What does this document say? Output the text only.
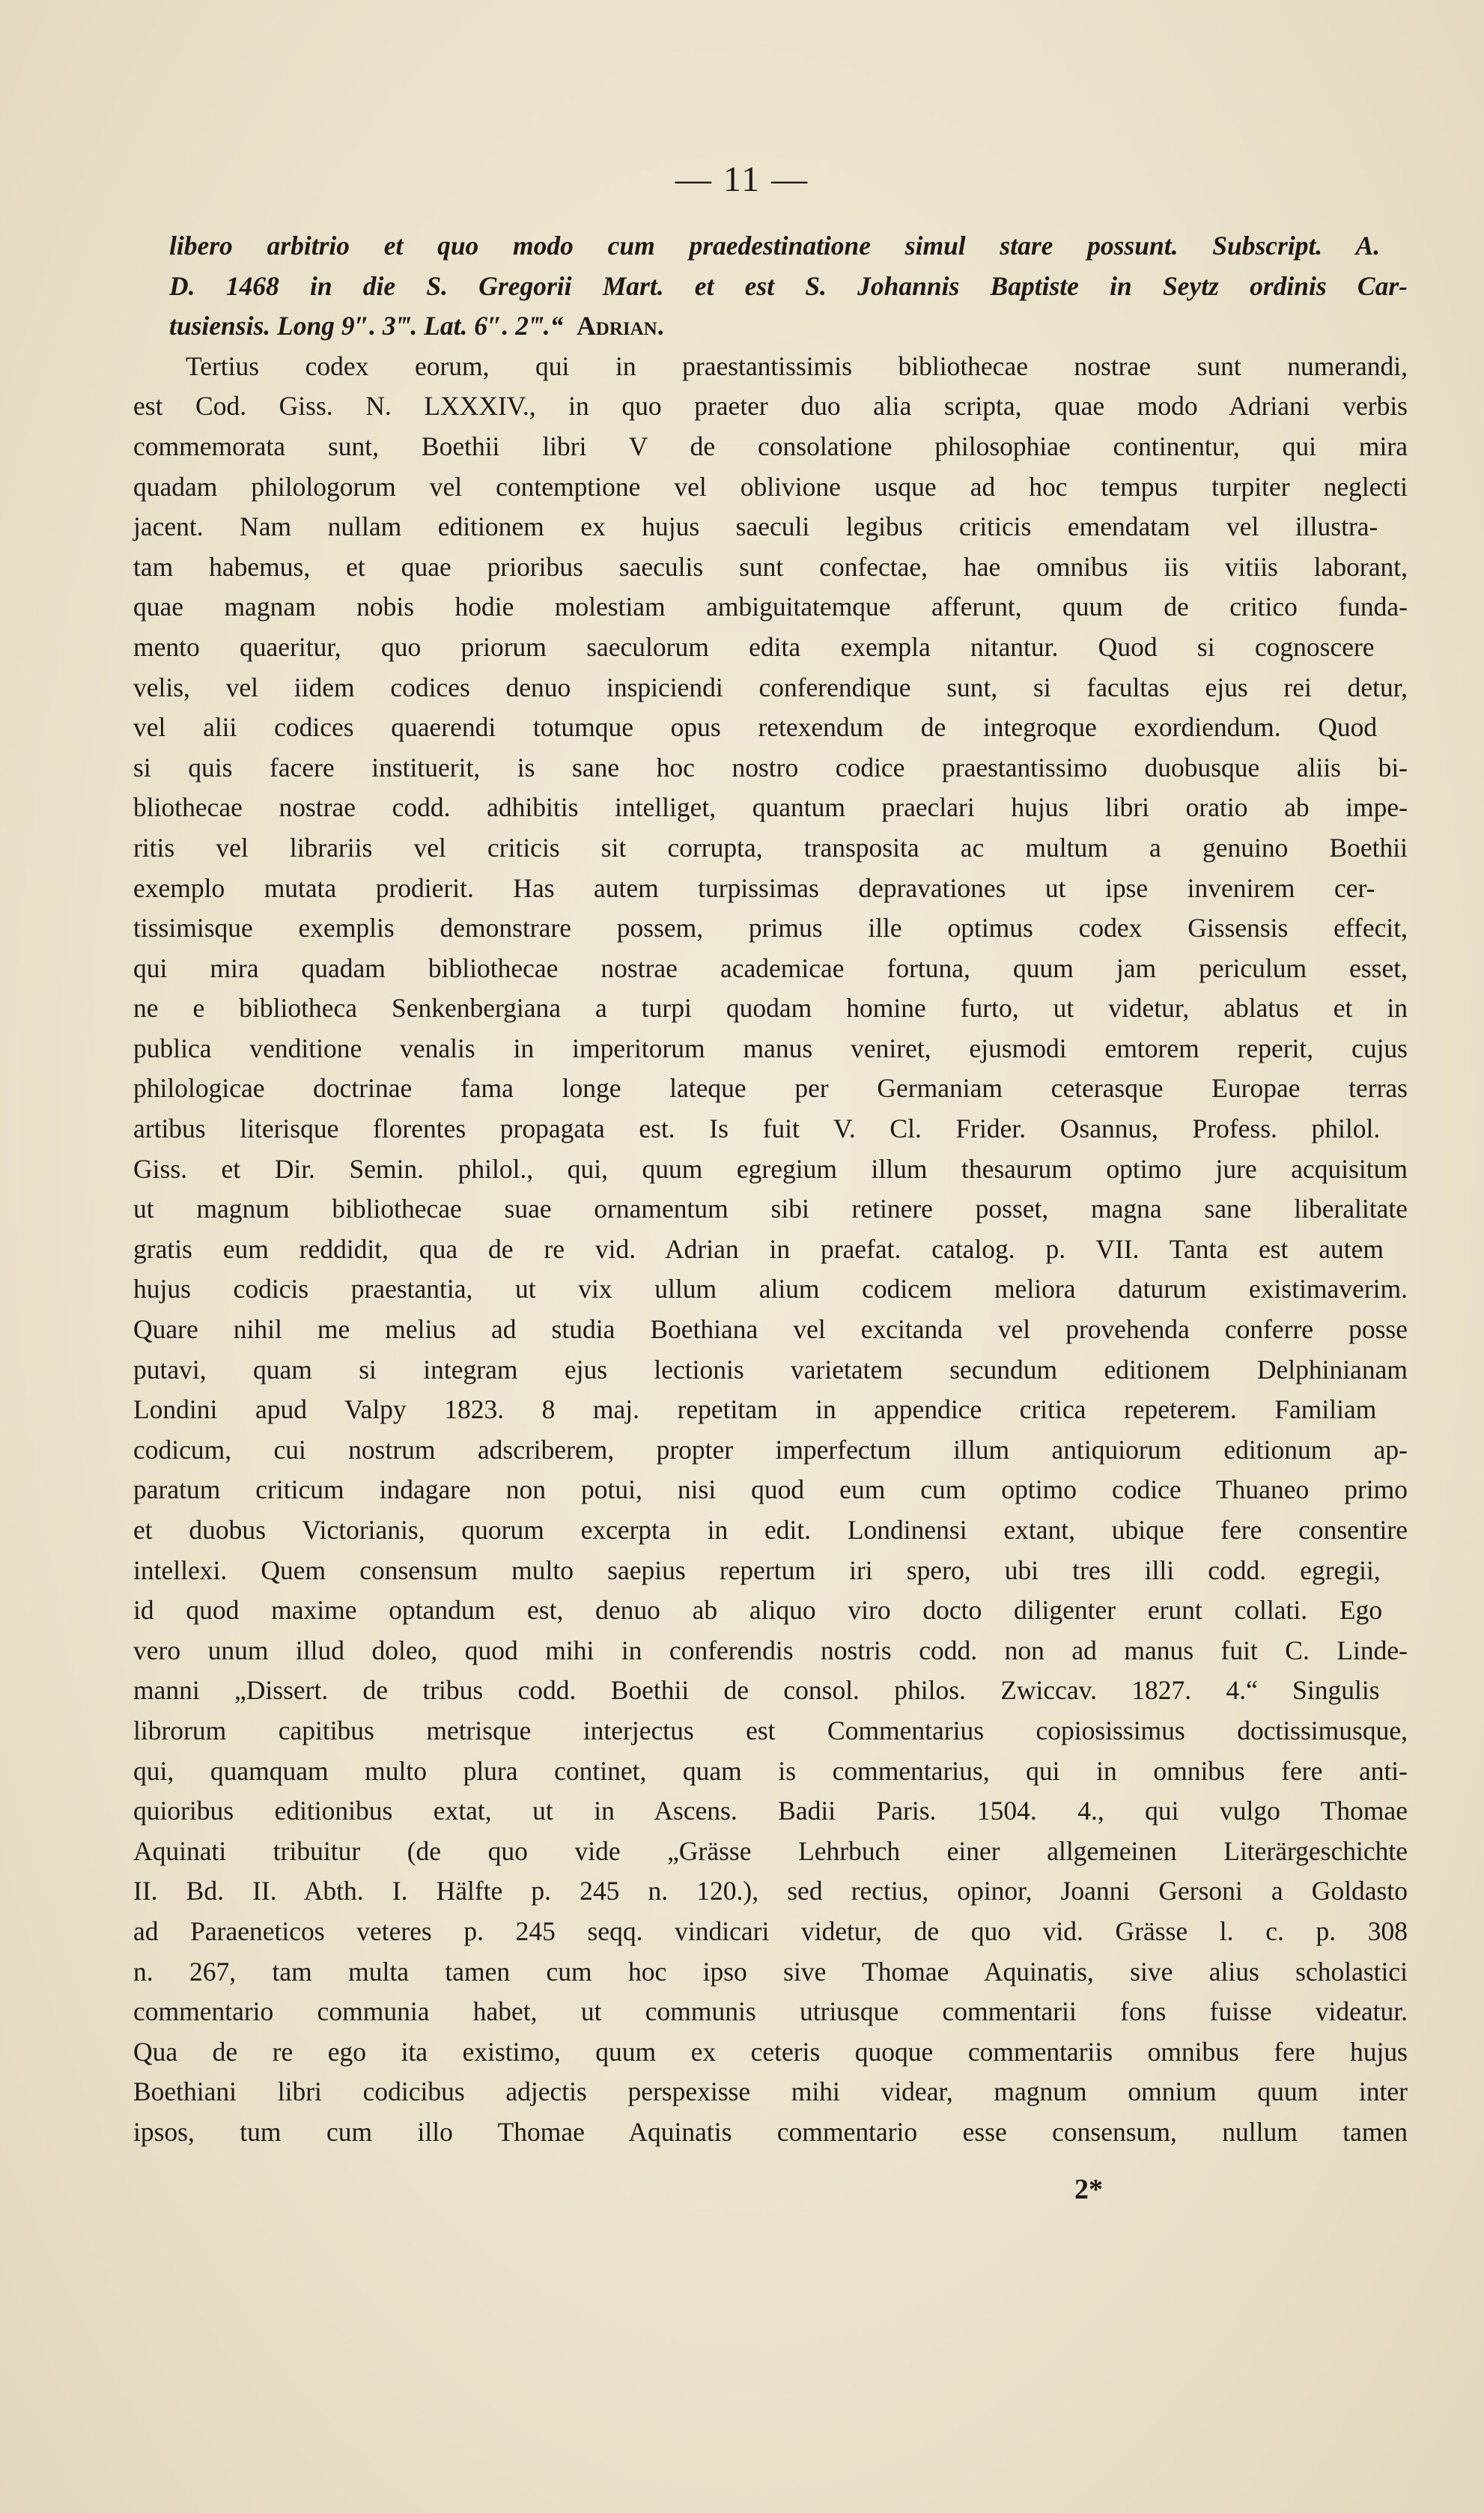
— 11 —
libero arbitrio et quo modo cum praedestinatione simul stare possunt. Subscript. A.
D. 1468 in die S. Gregorii Mart. et est S. Johannis Baptiste in Seytz ordinis Car-
tusiensis. Long 9″. 3‴. Lat. 6″. 2‴.“ Adrian.
Tertius codex eorum, qui in praestantissimis bibliothecae nostrae sunt numerandi,
est Cod. Giss. N. LXXXIV., in quo praeter duo alia scripta, quae modo Adriani verbis
commemorata sunt, Boethii libri V de consolatione philosophiae continentur, qui mira
quadam philologorum vel contemptione vel oblivione usque ad hoc tempus turpiter neglecti
jacent. Nam nullam editionem ex hujus saeculi legibus criticis emendatam vel illustra-
tam habemus, et quae prioribus saeculis sunt confectae, hae omnibus iis vitiis laborant,
quae magnam nobis hodie molestiam ambiguitatemque afferunt, quum de critico funda-
mento quaeritur, quo priorum saeculorum edita exempla nitantur. Quod si cognoscere
velis, vel iidem codices denuo inspiciendi conferendique sunt, si facultas ejus rei detur,
vel alii codices quaerendi totumque opus retexendum de integroque exordiendum. Quod
si quis facere instituerit, is sane hoc nostro codice praestantissimo duobusque aliis bi-
bliothecae nostrae codd. adhibitis intelliget, quantum praeclari hujus libri oratio ab impe-
ritis vel librariis vel criticis sit corrupta, transposita ac multum a genuino Boethii
exemplo mutata prodierit. Has autem turpissimas depravationes ut ipse invenirem cer-
tissimisque exemplis demonstrare possem, primus ille optimus codex Gissensis effecit,
qui mira quadam bibliothecae nostrae academicae fortuna, quum jam periculum esset,
ne e bibliotheca Senkenbergiana a turpi quodam homine furto, ut videtur, ablatus et in
publica venditione venalis in imperitorum manus veniret, ejusmodi emtorem reperit, cujus
philologicae doctrinae fama longe lateque per Germaniam ceterasque Europae terras
artibus literisque florentes propagata est. Is fuit V. Cl. Frider. Osannus, Profess. philol.
Giss. et Dir. Semin. philol., qui, quum egregium illum thesaurum optimo jure acquisitum
ut magnum bibliothecae suae ornamentum sibi retinere posset, magna sane liberalitate
gratis eum reddidit, qua de re vid. Adrian in praefat. catalog. p. VII. Tanta est autem
hujus codicis praestantia, ut vix ullum alium codicem meliora daturum existimaverim.
Quare nihil me melius ad studia Boethiana vel excitanda vel provehenda conferre posse
putavi, quam si integram ejus lectionis varietatem secundum editionem Delphinianam
Londini apud Valpy 1823. 8 maj. repetitam in appendice critica repeterem. Familiam
codicum, cui nostrum adscriberem, propter imperfectum illum antiquiorum editionum ap-
paratum criticum indagare non potui, nisi quod eum cum optimo codice Thuaneo primo
et duobus Victorianis, quorum excerpta in edit. Londinensi extant, ubique fere consentire
intellexi. Quem consensum multo saepius repertum iri spero, ubi tres illi codd. egregii,
id quod maxime optandum est, denuo ab aliquo viro docto diligenter erunt collati. Ego
vero unum illud doleo, quod mihi in conferendis nostris codd. non ad manus fuit C. Linde-
manni „Dissert. de tribus codd. Boethii de consol. philos. Zwiccav. 1827. 4.“ Singulis
librorum capitibus metrisque interjectus est Commentarius copiosissimus doctissimusque,
qui, quamquam multo plura continet, quam is commentarius, qui in omnibus fere anti-
quioribus editionibus extat, ut in Ascens. Badii Paris. 1504. 4., qui vulgo Thomae
Aquinati tribuitur (de quo vide „Grässe Lehrbuch einer allgemeinen Literärgeschichte
II. Bd. II. Abth. I. Hälfte p. 245 n. 120.), sed rectius, opinor, Joanni Gersoni a Goldasto
ad Paraeneticos veteres p. 245 seqq. vindicari videtur, de quo vid. Grässe l. c. p. 308
n. 267, tam multa tamen cum hoc ipso sive Thomae Aquinatis, sive alius scholastici
commentario communia habet, ut communis utriusque commentarii fons fuisse videatur.
Qua de re ego ita existimo, quum ex ceteris quoque commentariis omnibus fere hujus
Boethiani libri codicibus adjectis perspexisse mihi videar, magnum omnium quum inter
ipsos, tum cum illo Thomae Aquinatis commentario esse consensum, nullum tamen
2*
